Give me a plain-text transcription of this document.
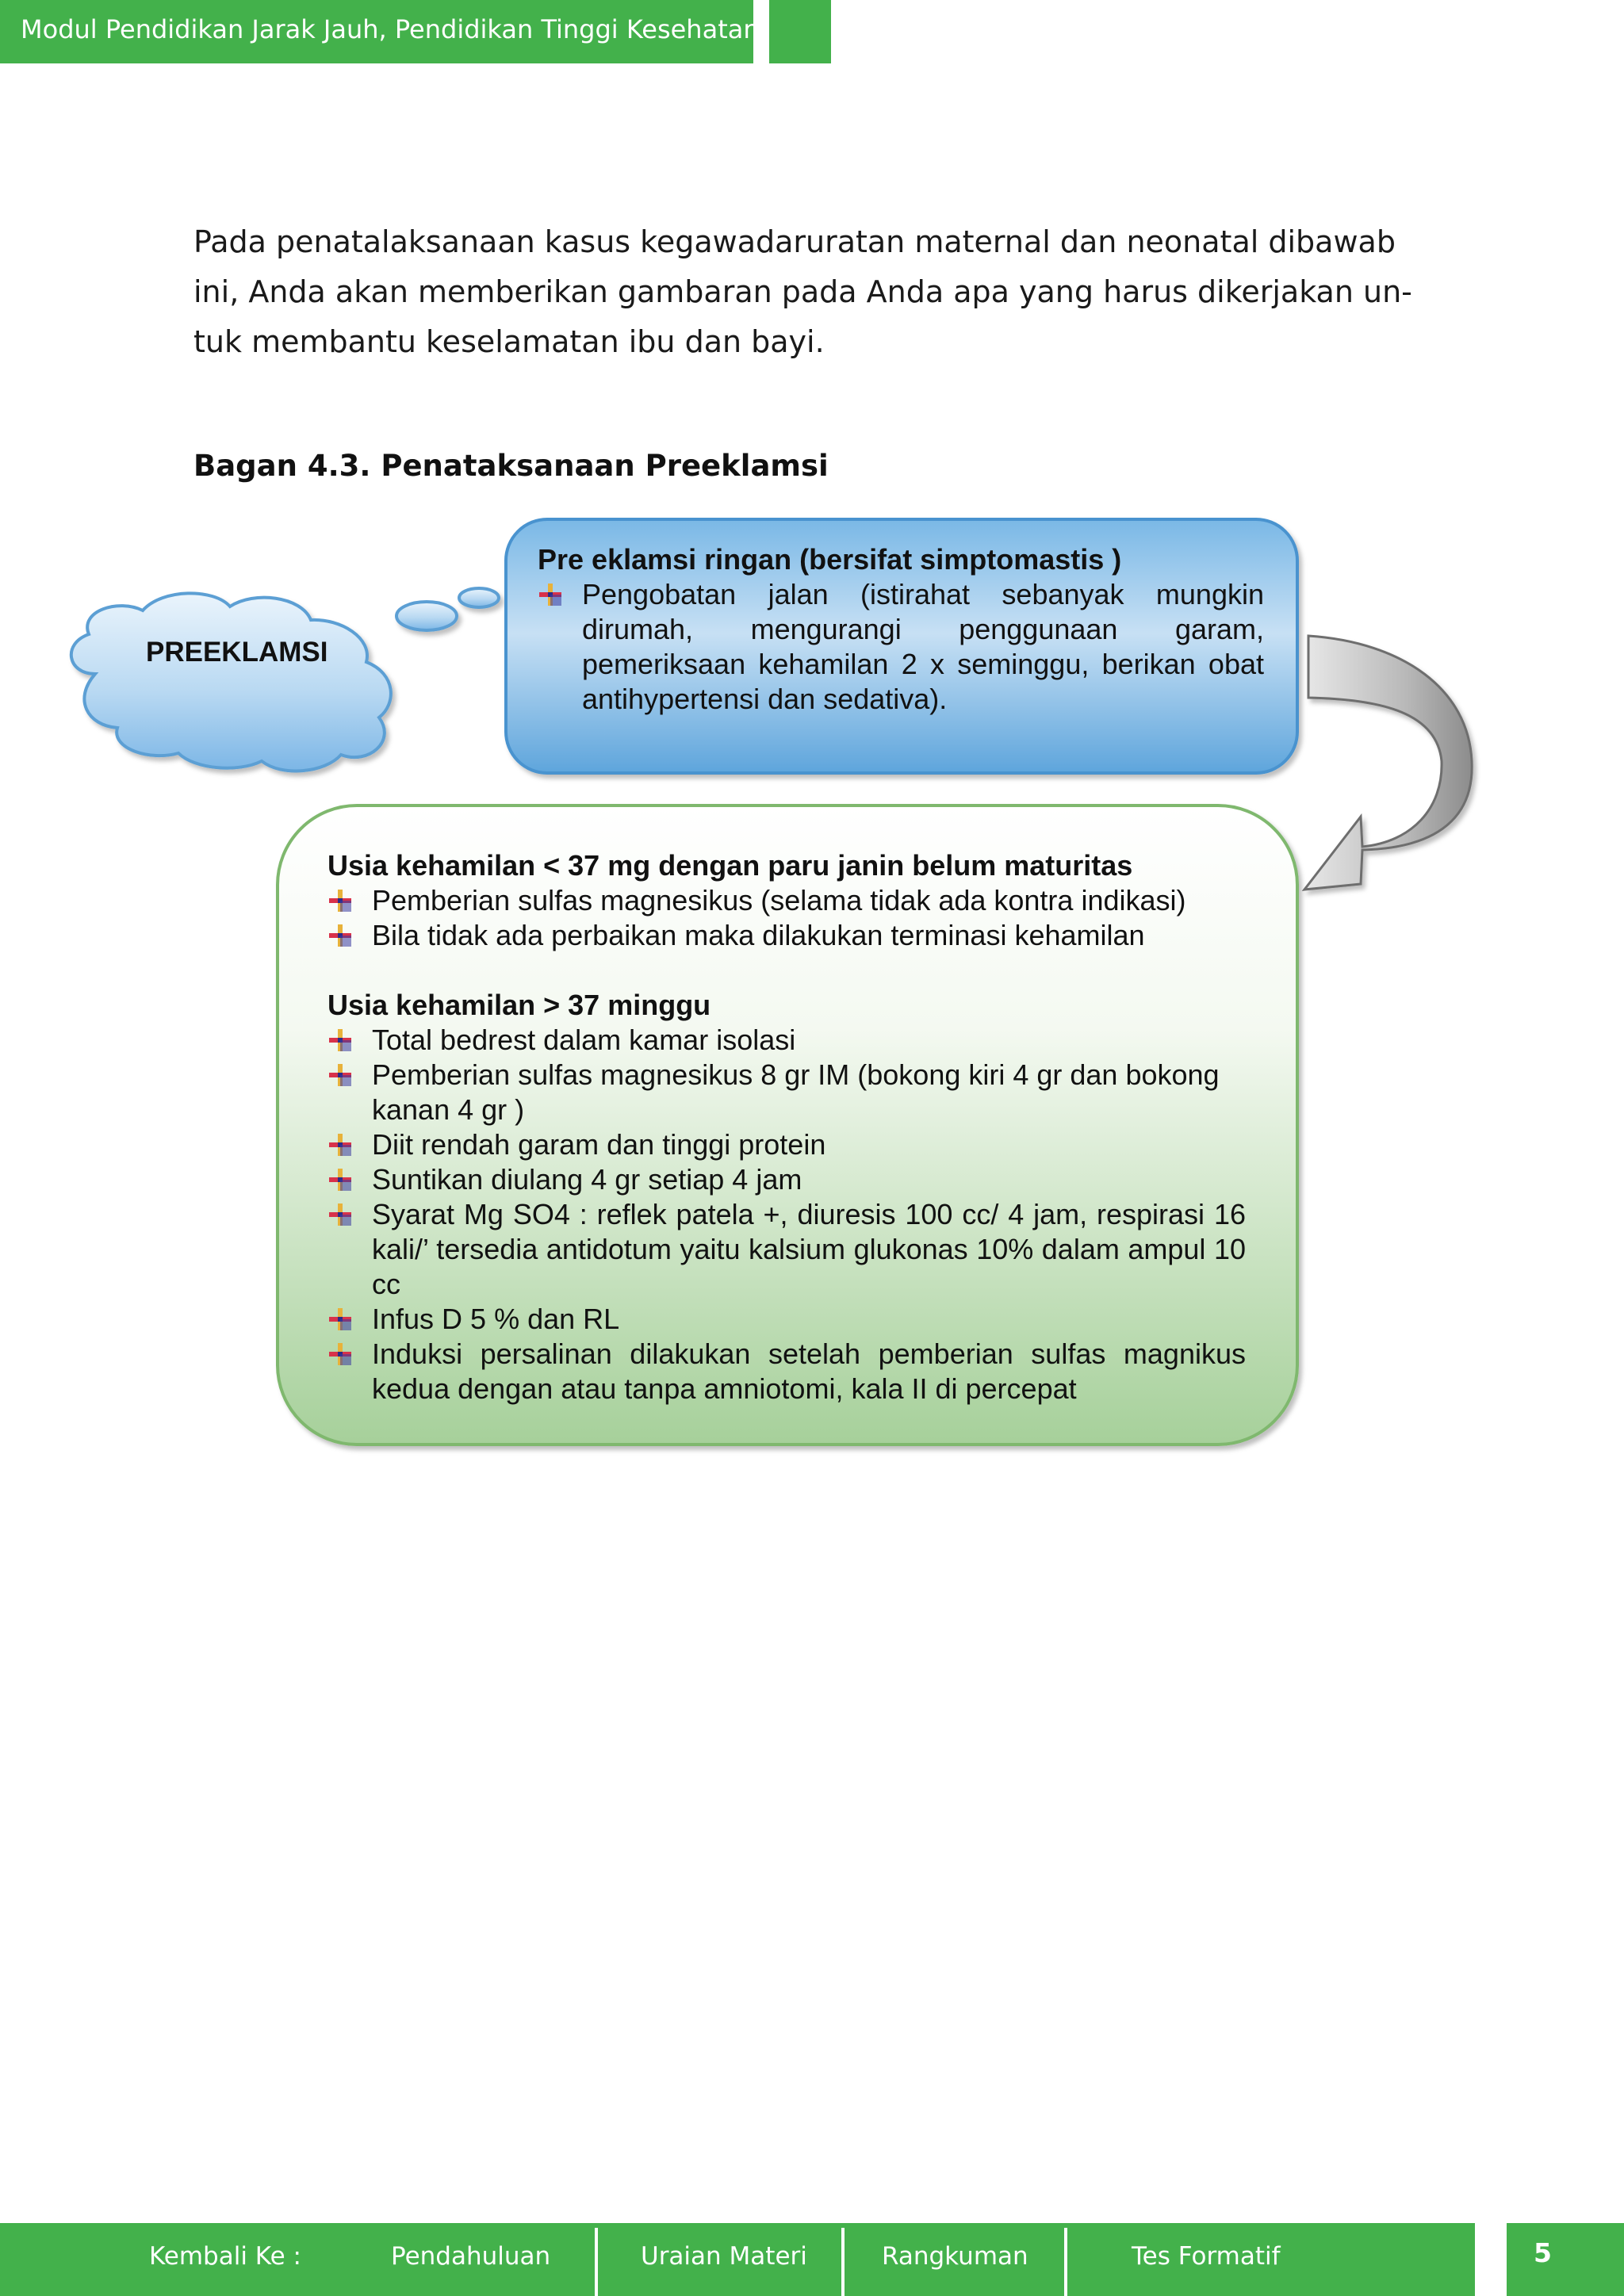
Modul Pendidikan Jarak Jauh, Pendidikan Tinggi Kesehatan
Pada penatalaksanaan kasus kegawadaruratan maternal dan neonatal dibawab
ini, Anda akan memberikan gambaran pada Anda apa yang harus dikerjakan un-
tuk membantu keselamatan ibu dan bayi.
Bagan 4.3. Penataksanaan Preeklamsi
PREEKLAMSI
Pre eklamsi ringan (bersifat simptomastis )
Pengobatan jalan (istirahat sebanyak mungkin dirumah, mengurangi penggunaan garam, pemeriksaan kehamilan 2 x seminggu, berikan obat antihypertensi dan sedativa).
Usia kehamilan < 37 mg dengan paru janin belum maturitas
Pemberian sulfas magnesikus (selama tidak ada kontra indikasi)
Bila tidak ada perbaikan maka dilakukan terminasi kehamilan
Usia kehamilan > 37 minggu
Total bedrest dalam kamar isolasi
Pemberian sulfas magnesikus 8 gr IM (bokong kiri 4 gr dan bokong kanan 4 gr )
Diit rendah garam dan tinggi protein
Suntikan diulang 4 gr setiap 4 jam
Syarat Mg SO4 : reflek patela +, diuresis 100 cc/ 4 jam, respirasi 16 kali/’ tersedia antidotum yaitu kalsium glukonas 10% dalam ampul 10 cc
Infus D 5 % dan RL
Induksi persalinan dilakukan setelah pemberian sulfas magnikus kedua dengan atau tanpa amniotomi, kala II di percepat
Kembali Ke :	Pendahuluan	Uraian Materi	Rangkuman	Tes Formatif	5
